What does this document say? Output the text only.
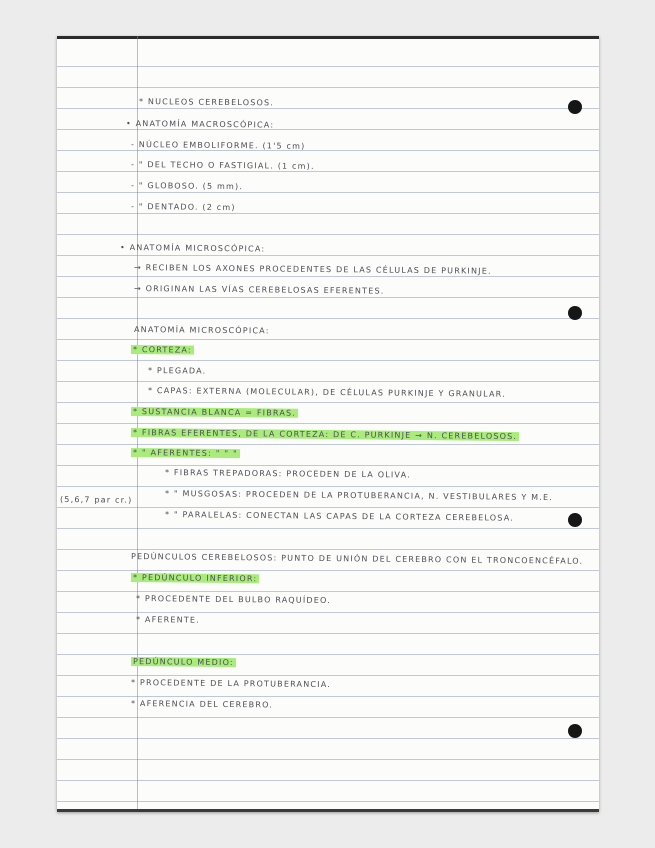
* NUCLEOS CEREBELOSOS.
• ANATOMÍA MACROSCÓPICA:
- NÚCLEO EMBOLIFORME. (1'5 cm)
- " DEL TECHO O FASTIGIAL. (1 cm).
- " GLOBOSO. (5 mm).
- " DENTADO. (2 cm)
• ANATOMÍA MICROSCÓPICA:
→ RECIBEN LOS AXONES PROCEDENTES DE LAS CÉLULAS DE PURKINJE.
→ ORIGINAN LAS VÍAS CEREBELOSAS EFERENTES.
ANATOMÍA MICROSCÓPICA:
* CORTEZA:
* PLEGADA.
* CAPAS: EXTERNA (MOLECULAR), DE CÉLULAS PURKINJE Y GRANULAR.
* SUSTANCIA BLANCA = FIBRAS.
* FIBRAS EFERENTES, DE LA CORTEZA: DE C. PURKINJE → N. CEREBELOSOS.
* " AFERENTES: " " "
* FIBRAS TREPADORAS: PROCEDEN DE LA OLIVA.
* " MUSGOSAS: PROCEDEN DE LA PROTUBERANCIA, N. VESTIBULARES Y M.E.
* " PARALELAS: CONECTAN LAS CAPAS DE LA CORTEZA CEREBELOSA.
PEDÚNCULOS CEREBELOSOS: PUNTO DE UNIÓN DEL CEREBRO CON EL TRONCOENCÉFALO.
* PEDÚNCULO INFERIOR:
* PROCEDENTE DEL BULBO RAQUÍDEO.
* AFERENTE.
PEDÚNCULO MEDIO:
* PROCEDENTE DE LA PROTUBERANCIA.
* AFERENCIA DEL CEREBRO.
(5,6,7 par cr.)
